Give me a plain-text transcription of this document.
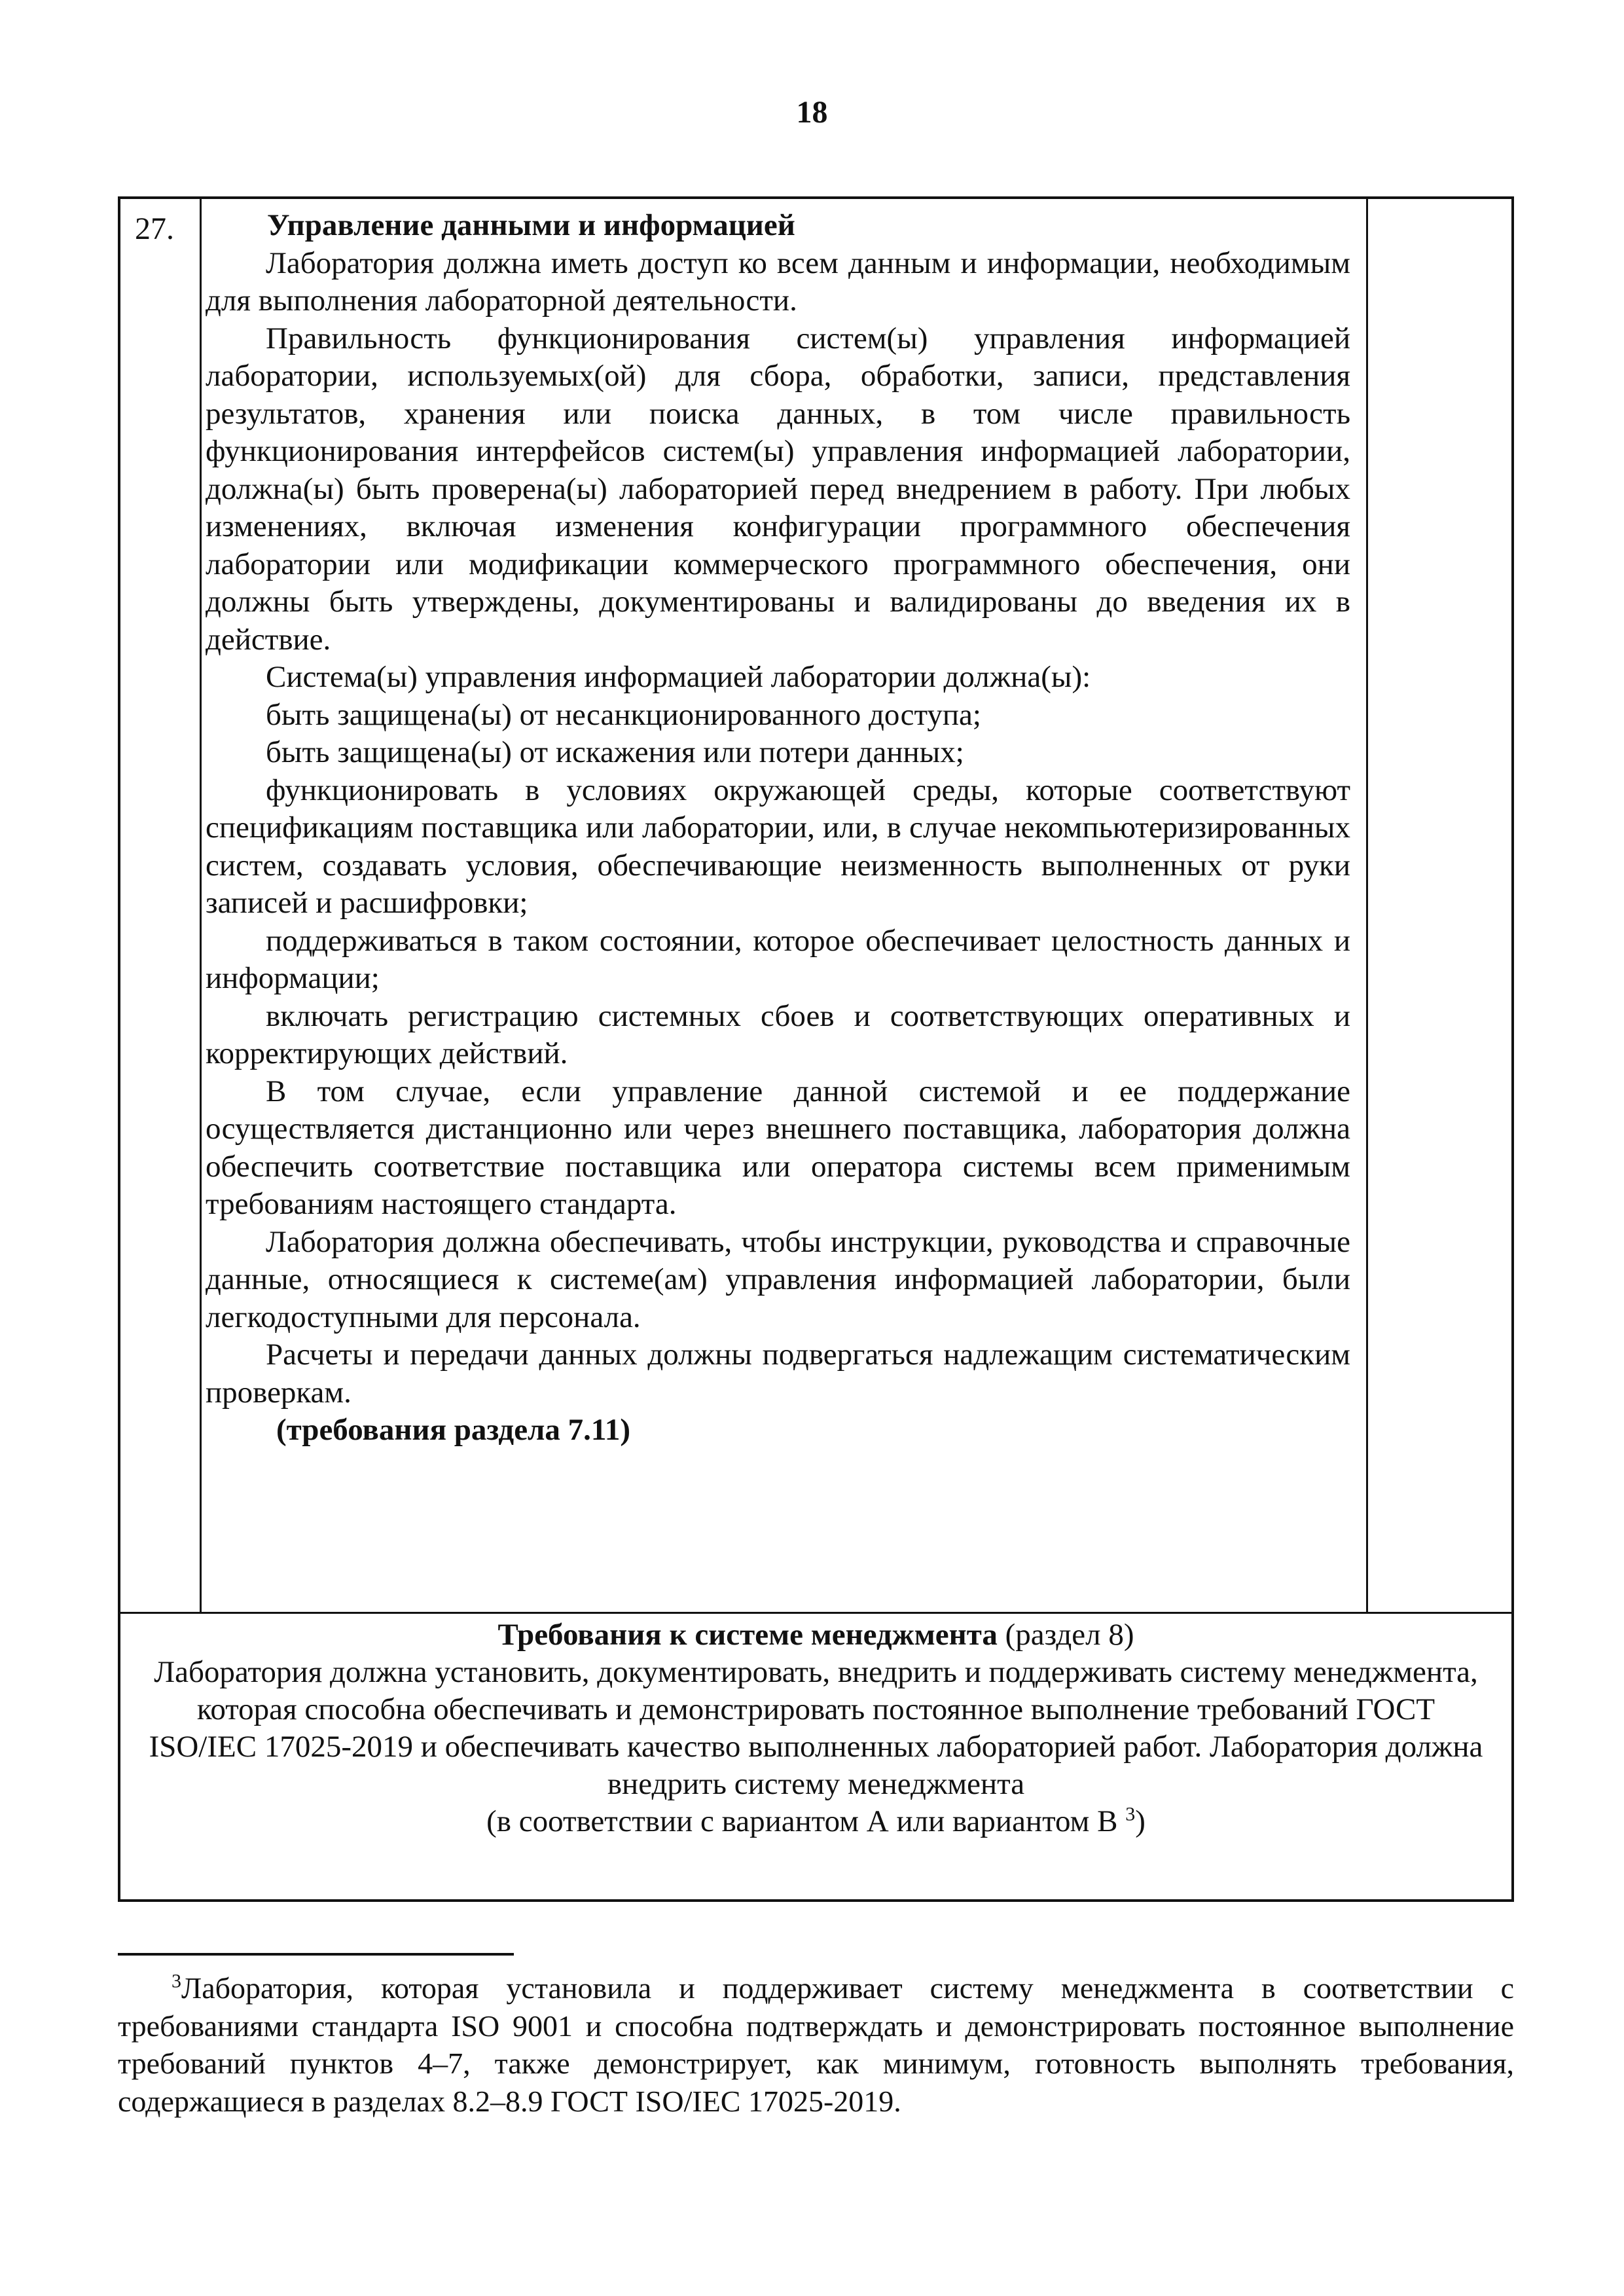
18
27.	Управление данными и информацией

Лаборатория должна иметь доступ ко всем данным и информации, необходимым для выполнения лабораторной деятельности.

Правильность функционирования систем(ы) управления информацией лаборатории, используемых(ой) для сбора, обработки, записи, представления результатов, хранения или поиска данных, в том числе правильность функционирования интерфейсов систем(ы) управления информацией лаборатории, должна(ы) быть проверена(ы) лабораторией перед внедрением в работу. При любых изменениях, включая изменения конфигурации программного обеспечения лаборатории или модификации коммерческого программного обеспечения, они должны быть утверждены, документированы и валидированы до введения их в действие.

Система(ы) управления информацией лаборатории должна(ы):

быть защищена(ы) от несанкционированного доступа;

быть защищена(ы) от искажения или потери данных;

функционировать в условиях окружающей среды, которые соответствуют спецификациям поставщика или лаборатории, или, в случае некомпьютеризированных систем, создавать условия, обеспечивающие неизменность выполненных от руки записей и расшифровки;

поддерживаться в таком состоянии, которое обеспечивает целостность данных и информации;

включать регистрацию системных сбоев и соответствующих оперативных и корректирующих действий.

В том случае, если управление данной системой и ее поддержание осуществляется дистанционно или через внешнего поставщика, лаборатория должна обеспечить соответствие поставщика или оператора системы всем применимым требованиям настоящего стандарта.

Лаборатория должна обеспечивать, чтобы инструкции, руководства и справочные данные, относящиеся к системе(ам) управления информацией лаборатории, были легкодоступными для персонала.

Расчеты и передачи данных должны подвергаться надлежащим систематическим проверкам.

(требования раздела 7.11)

Требования к системе менеджмента (раздел 8)

Лаборатория должна установить, документировать, внедрить и поддерживать систему менеджмента, которая способна обеспечивать и демонстрировать постоянное выполнение требований ГОСТ ISO/IEC 17025-2019 и обеспечивать качество выполненных лабораторией работ. Лаборатория должна внедрить систему менеджмента

(в соответствии с вариантом А или вариантом В $^3$)

$^3$Лаборатория, которая установила и поддерживает систему менеджмента в соответствии с требованиями стандарта ISO 9001 и способна подтверждать и демонстрировать постоянное выполнение требований пунктов 4–7, также демонстрирует, как минимум, готовность выполнять требования, содержащиеся в разделах 8.2–8.9 ГОСТ ISO/IEC 17025-2019.
